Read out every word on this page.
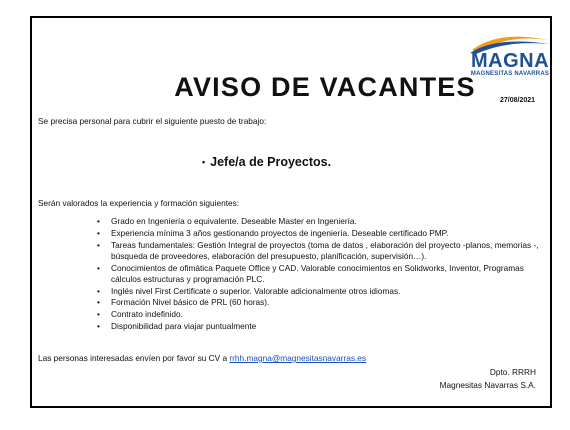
AVISO DE VACANTES
MAGNA
MAGNESITAS NAVARRAS
27/08/2021
Se precisa personal para cubrir el siguiente puesto de trabajo:
• Jefe/a de Proyectos.
Serán valorados la experiencia y formación siguientes:
• Grado en Ingeniería o equivalente. Deseable Master en Ingeniería.
• Experiencia mínima 3 años gestionando proyectos de ingeniería. Deseable certificado PMP.
• Tareas fundamentales: Gestión Integral de proyectos (toma de datos , elaboración del proyecto -planos, memorias -, búsqueda de proveedores, elaboración del presupuesto, planificación, supervisión…).
• Conocimientos de ofimática Paquete Office y CAD. Valorable conocimientos en Solidworks, Inventor, Programas cálculos estructuras y programación PLC.
• Inglés nivel First Certificate o superior. Valorable adicionalmente otros idiomas.
• Formación Nivel básico de PRL (60 horas).
• Contrato indefinido.
• Disponibilidad para viajar puntualmente
Las personas interesadas envíen por favor su CV a rrhh.magna@magnesitasnavarras.es
Dpto. RRRH
Magnesitas Navarras S.A.
